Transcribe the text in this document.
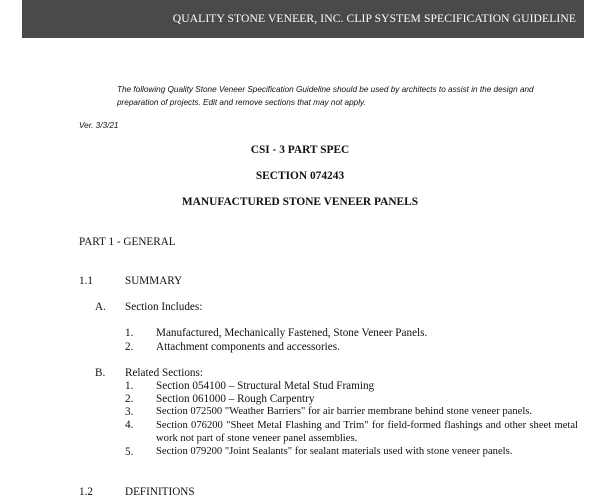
QUALITY STONE VENEER, INC. CLIP SYSTEM SPECIFICATION GUIDELINE
The following Quality Stone Veneer Specification Guideline should be used by architects to assist in the design and preparation of projects. Edit and remove sections that may not apply.
Ver. 3/3/21
CSI - 3 PART SPEC
SECTION 074243
MANUFACTURED STONE VENEER PANELS
PART 1 - GENERAL
1.1	SUMMARY
A. Section Includes:
1. Manufactured, Mechanically Fastened, Stone Veneer Panels.
2. Attachment components and accessories.
B. Related Sections:
1. Section 054100 – Structural Metal Stud Framing
2. Section 061000 – Rough Carpentry
3. Section 072500 "Weather Barriers" for air barrier membrane behind stone veneer panels.
4. Section 076200 "Sheet Metal Flashing and Trim" for field-formed flashings and other sheet metal work not part of stone veneer panel assemblies.
5. Section 079200 "Joint Sealants" for sealant materials used with stone veneer panels.
1.2	DEFINITIONS
